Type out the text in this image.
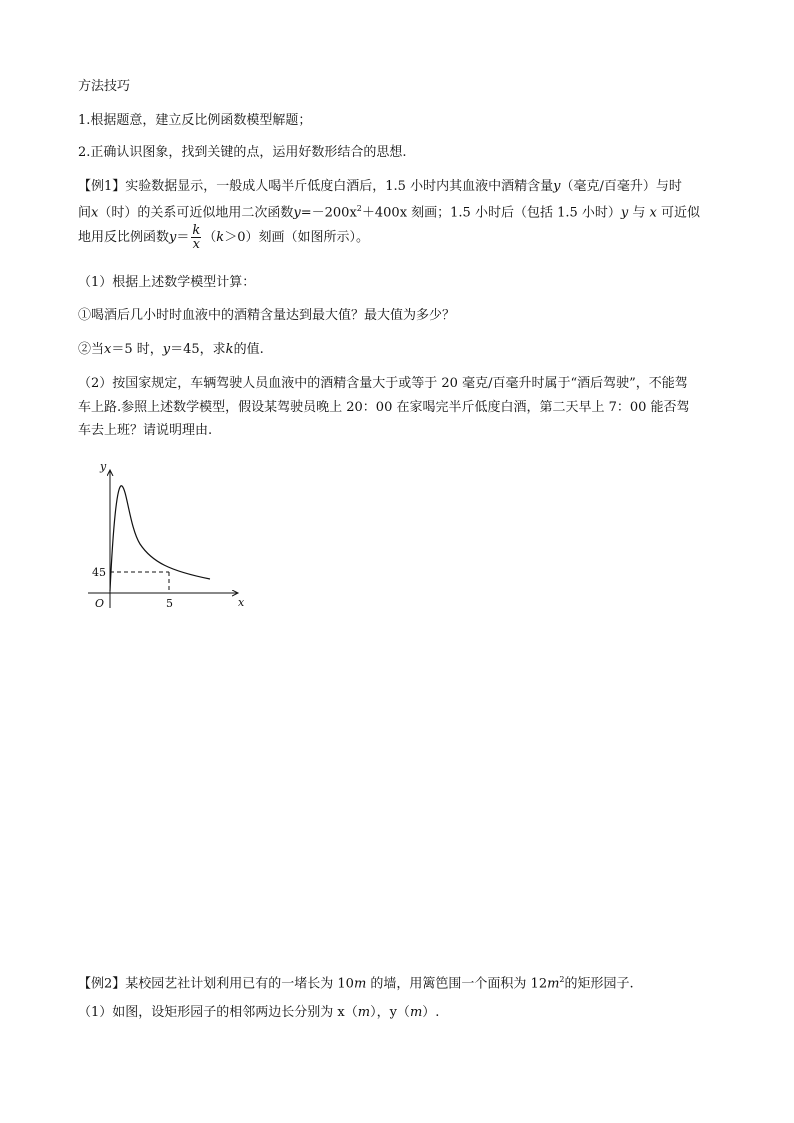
方法技巧
1.根据题意，建立反比例函数模型解题；
2.正确认识图象，找到关键的点，运用好数形结合的思想.
【例1】实验数据显示，一般成人喝半斤低度白酒后，1.5 小时内其血液中酒精含量y（毫克/百毫升）与时
间x（时）的关系可近似地用二次函数$y=-200x^2+400x$ 刻画；1.5 小时后（包括 1.5 小时）y 与 x 可近似
地用反比例函数$y= \frac{k}{x} (k>0)$刻画（如图所示）。
（1）根据上述数学模型计算：
①喝酒后几小时时血液中的酒精含量达到最大值？最大值为多少？
②当x＝5 时，y＝45，求k的值.
（2）按国家规定，车辆驾驶人员血液中的酒精含量大于或等于 20 毫克/百毫升时属于“酒后驾驶”，不能驾
车上路.参照上述数学模型，假设某驾驶员晚上 20：00 在家喝完半斤低度白酒，第二天早上 7：00 能否驾
车去上班？请说明理由.
y
x
O
45
5
【例2】某校园艺社计划利用已有的一堵长为 10m 的墙，用篱笆围一个面积为 $12m^2$的矩形园子.
（1）如图，设矩形园子的相邻两边长分别为 x（m），y（m）.
